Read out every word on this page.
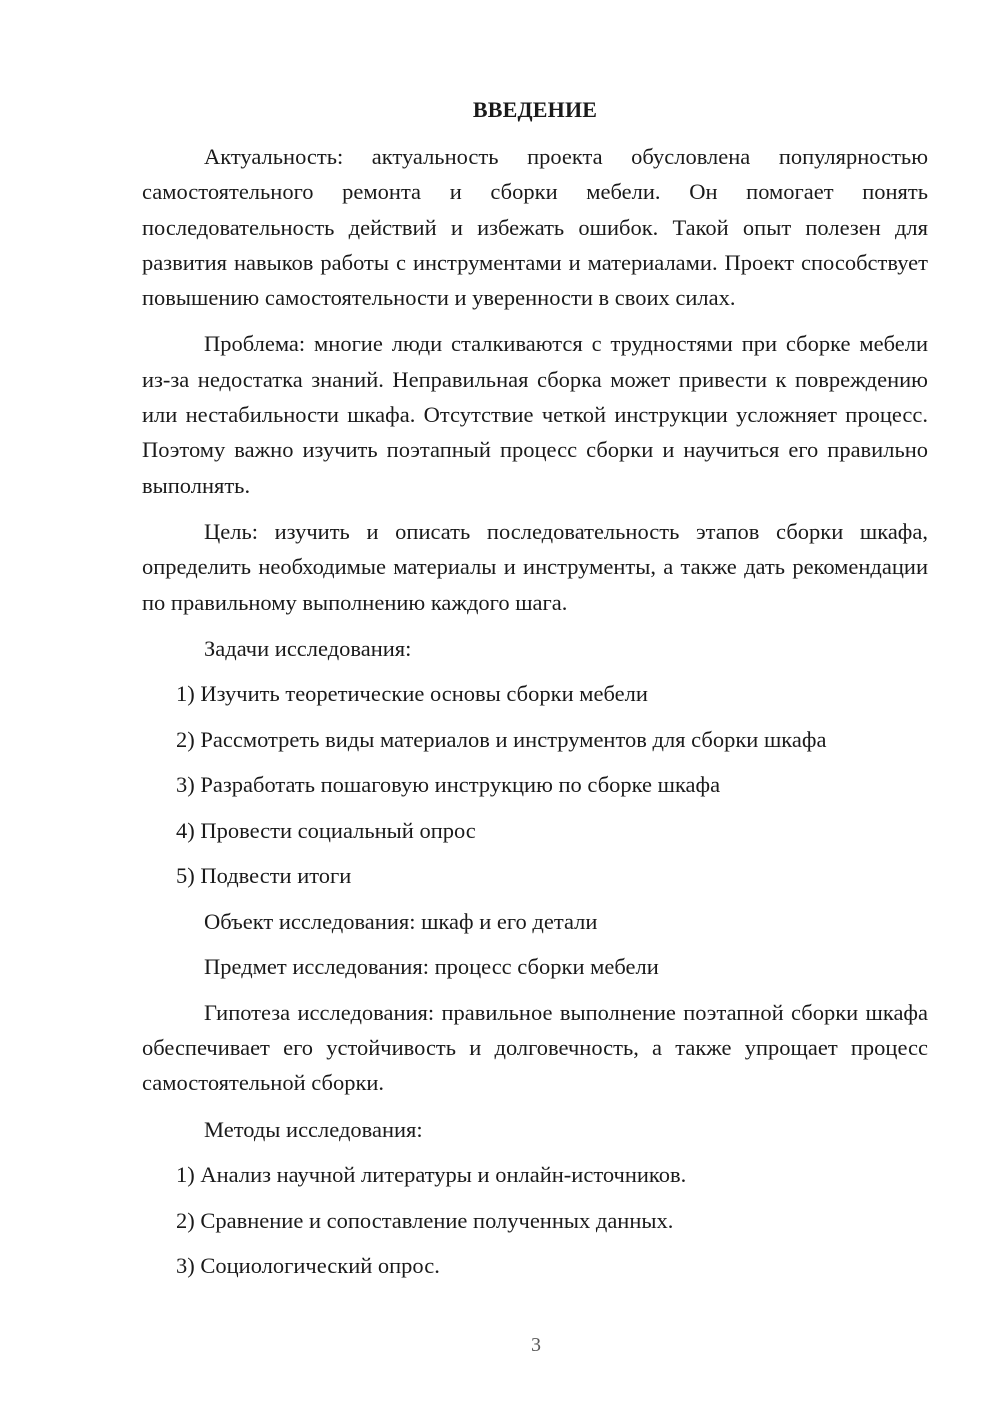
ВВЕДЕНИЕ

Актуальность: актуальность проекта обусловлена популярностью самостоятельного ремонта и сборки мебели. Он помогает понять последовательность действий и избежать ошибок. Такой опыт полезен для развития навыков работы с инструментами и материалами. Проект способствует повышению самостоятельности и уверенности в своих силах.

Проблема: многие люди сталкиваются с трудностями при сборке мебели из-за недостатка знаний. Неправильная сборка может привести к повреждению или нестабильности шкафа. Отсутствие четкой инструкции усложняет процесс. Поэтому важно изучить поэтапный процесс сборки и научиться его правильно выполнять.

Цель: изучить и описать последовательность этапов сборки шкафа, определить необходимые материалы и инструменты, а также дать рекомендации по правильному выполнению каждого шага.

Задачи исследования:
1) Изучить теоретические основы сборки мебели
2) Рассмотреть виды материалов и инструментов для сборки шкафа
3) Разработать пошаговую инструкцию по сборке шкафа
4) Провести социальный опрос
5) Подвести итоги
Объект исследования: шкаф и его детали
Предмет исследования: процесс сборки мебели

Гипотеза исследования: правильное выполнение поэтапной сборки шкафа обеспечивает его устойчивость и долговечность, а также упрощает процесс самостоятельной сборки.

Методы исследования:
1) Анализ научной литературы и онлайн-источников.
2) Сравнение и сопоставление полученных данных.
3) Социологический опрос.
3
